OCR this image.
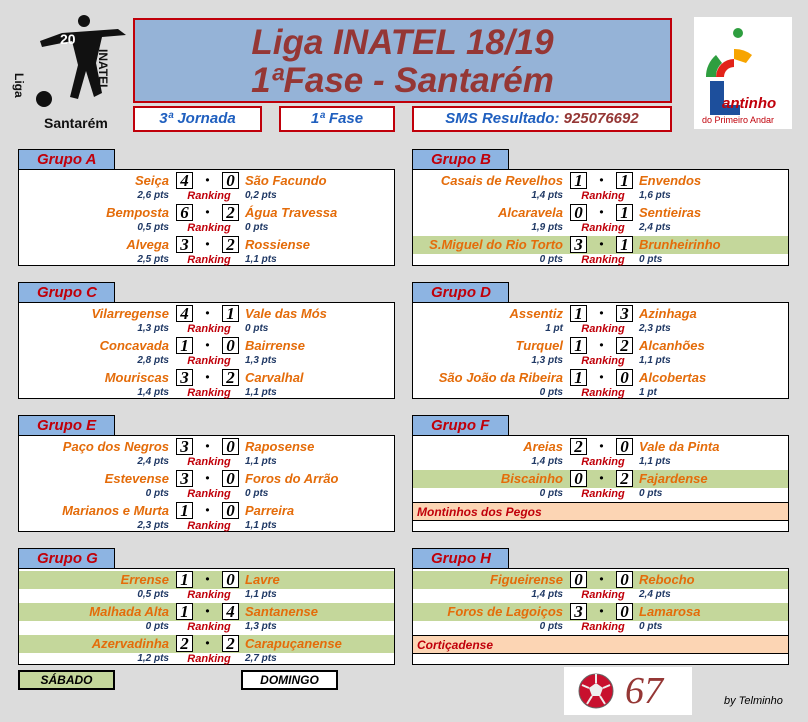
20
Liga	INATEL
Santarém
Liga INATEL 18/19
1ªFase - Santarém
3ª Jornada	1ª Fase	SMS Resultado: 925076692
antinho
do Primeiro Andar
Grupo A
Seiça 4	• 0 São Facundo
2,6 pts	Ranking	0,2 pts
Bemposta 6	• 2 Água Travessa
0,5 pts	Ranking	0 pts
Alvega 3	• 2 Rossiense
2,5 pts	Ranking	1,1 pts
Grupo B
Casais de Revelhos 1	• 1 Envendos
1,4 pts	Ranking	1,6 pts
Alcaravela 0	• 1 Sentieiras
1,9 pts	Ranking	2,4 pts
S.Miguel do Rio Torto 3	• 1 Brunheirinho
0 pts	Ranking	0 pts
Grupo C
Vilarregense 4	• 1 Vale das Mós
1,3 pts	Ranking	0 pts
Concavada 1	• 0 Bairrense
2,8 pts	Ranking	1,3 pts
Mouriscas 3	• 2 Carvalhal
1,4 pts	Ranking	1,1 pts
Grupo D
Assentiz 1	• 3 Azinhaga
1 pt	Ranking	2,3 pts
Turquel 1	• 2 Alcanhões
1,3 pts	Ranking	1,1 pts
São João da Ribeira 1	• 0 Alcobertas
0 pts	Ranking	1 pt
Grupo E
Paço dos Negros 3	• 0 Raposense
2,4 pts	Ranking	1,1 pts
Estevense 3	• 0 Foros do Arrão
0 pts	Ranking	0 pts
Marianos e Murta 1	• 0 Parreira
2,3 pts	Ranking	1,1 pts
Grupo F
Areias 2	• 0 Vale da Pinta
1,4 pts	Ranking	1,1 pts
Biscainho 0	• 2 Fajardense
0 pts	Ranking	0 pts
Montinhos dos Pegos
Grupo G
Errense 1	• 0 Lavre
0,5 pts	Ranking	1,1 pts
Malhada Alta 1	• 4 Santanense
0 pts	Ranking	1,3 pts
Azervadinha 2	• 2 Carapuçanense
1,2 pts	Ranking	2,7 pts
Grupo H
Figueirense 0	• 0 Rebocho
1,4 pts	Ranking	2,4 pts
Foros de Lagoiços 3	• 0 Lamarosa
0 pts	Ranking	0 pts
Cortiçadense
SÁBADO	DOMINGO	67	by Telminho
